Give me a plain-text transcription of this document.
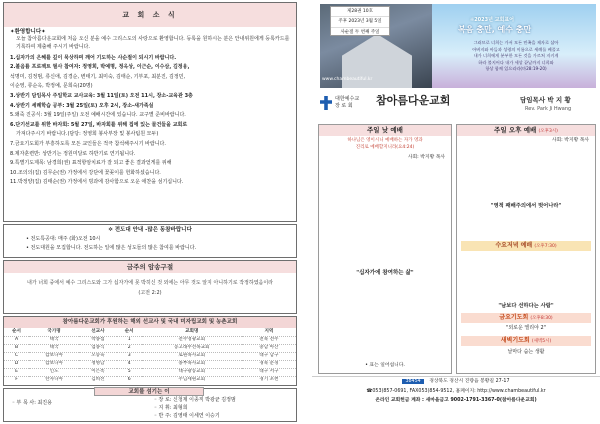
교 회 소 식
✦환영합니다✦
오늘 참아름다운교회에 처음 오신 분을 예수 그리스도의 사랑으로 환영합니다. 등록을 원하시는 분은 안내위원에게 등록카드를 기록하여 제출해 주시기 바랍니다.

1.십자가의 은혜를 깊이 묵상하며 깨어 기도하는 사순절이 되시기 바랍니다.

2.볼음륨 프로젝트 필사 참여자: 정영희, 박예명, 정옥상, 이근순, 이수삼, 김정웅,

석명미, 김정범, 류신애, 김경순, 변태기, 최미숙, 김태순, 기부포, 최분진, 김정민,

이순영, 류순옥, 박정예, 문희숙(20명)

3.상반기 담임목사 주일학교 교사교육: 3월 11일(토) 오전 11시, 장소-교육관 3층

4.상반기 세례학습 공부: 3월 25일(토) 오후 2시, 장소-새가족실

5.왜죽 진공식: 3월 19일(주일) 오전 예배시간에 있습니다. 교구별 준비바랍니다.

6.단기선교를 위한 바자회: 5월 27일, 바자회를 위해 집에 있는 물건들을 교회로

가져다주시기 바랍니다.(담당: 정영희 봉사부장 및 봉사팀원 모두)

7.금요기도회가 부흥하도록 모든 교인들은 적극 참석해주시기 바랍니다.

8.제자훈련반: 상반기는 정원미달로 하반기로 연기됩니다.

9.특별기도제목: 남경희(권) 표적항암치료가 잘 되고 좋은 결과얻게를 위해

10.조의의(집) 김무순(권) 가정에서 강단에 꽃꽂이를 헌화하셨습니다.

11.박정양(집) 김태순(권) 가정에서 빙과에 감사함으로 오운 애찬을 섬기십니다.

✲ 전도대 안내 -많은 동참바랍니다
• 전도특공대: 매주 (화)오전 10시
• 전도대원을 모집합니다. 전도하는 일에 많은 성도들의 많은 참여를 바랍니다.
금주의 암송구절
내가 너희 중에서 예수 그리스도와 그가 십자가에 못 박히신 것 외에는 아무 것도 알지 아니하기로 작정하였음이라(고전 2:2)
참아름다운교회가 후원하는 해외 선교사 및 국내 미자립교회 및 농촌교회
순서	국가명	선교사	순서	교회명	지역
A	태국	박종섭	1	전주영광교회	전북 전주
B	태국	엄종식	2	농고래무선목교회	충남 아산
C	캄보디아	오승육	3	로원목사교회	대구 남구
D	캄보디아	정병남	4	종부목사교회	경북 문경
E	인도	이은옥	5	대구광동교회	대구 서구
F	탄자니아	김희선	6	주님세원교회	경기 포천
교회를 섬기는 이
◦ 부 목 사: 최진용	◦ 장 로: 신청제 이종직 박광균 김정범
◦ 지 휘: 최형희
◦ 반 주: 김영태 이세연 이승기
제28권 10호
주후 2023년 3월 5일
사순절 두 번째 주일
❊2023년 교회표어
복음 충만, 예수 충만
그러므로 너희는 가서 모든 민족을 제자로 삼아
아버지와 아들과 성령의 이름으로 세례를 베풀고
내가 너희에게 분부한 모든 것을 가르쳐 지키게
하라 볼지어다 내가 세상 끝날까지 너희와
항상 함께 있으리라(마28:19-20)
www.chambeautiful.kr
대한예수교
장 로 회 참아름다운교회	담임목사 박 지 황
Rev. Park Ji Hwang
주일 낮 예배
하나님은 영이시니 예배하는 자가 영과
진리로 예배할지니라(요4:24)
사회: 박지황 목사
"십자가에 참여하는 삶"
• 표는 일어섭니다.
주일 오후 예배 (오후3시)
사회: 박지황 목사
"영적 패배주의에서 벗어나라"
수요저녁 예배 (오후7:30)
"남보다 선하다는 사람"
금요기도회 (오후8:30)
"외로운 엘리야 2"
새벽기도회 (새벽5시)
날마다 숨는 생활
38454 경상북도 경산시 진량읍 봉황길 27-17
☎053)857-0691, FAX053)854-9512, 홈페이지: http://www.chambeautiful.kr
온라인 교회헌금 계좌 : 새마을금고 9002-1791-3367-0(참아름다운교회)
